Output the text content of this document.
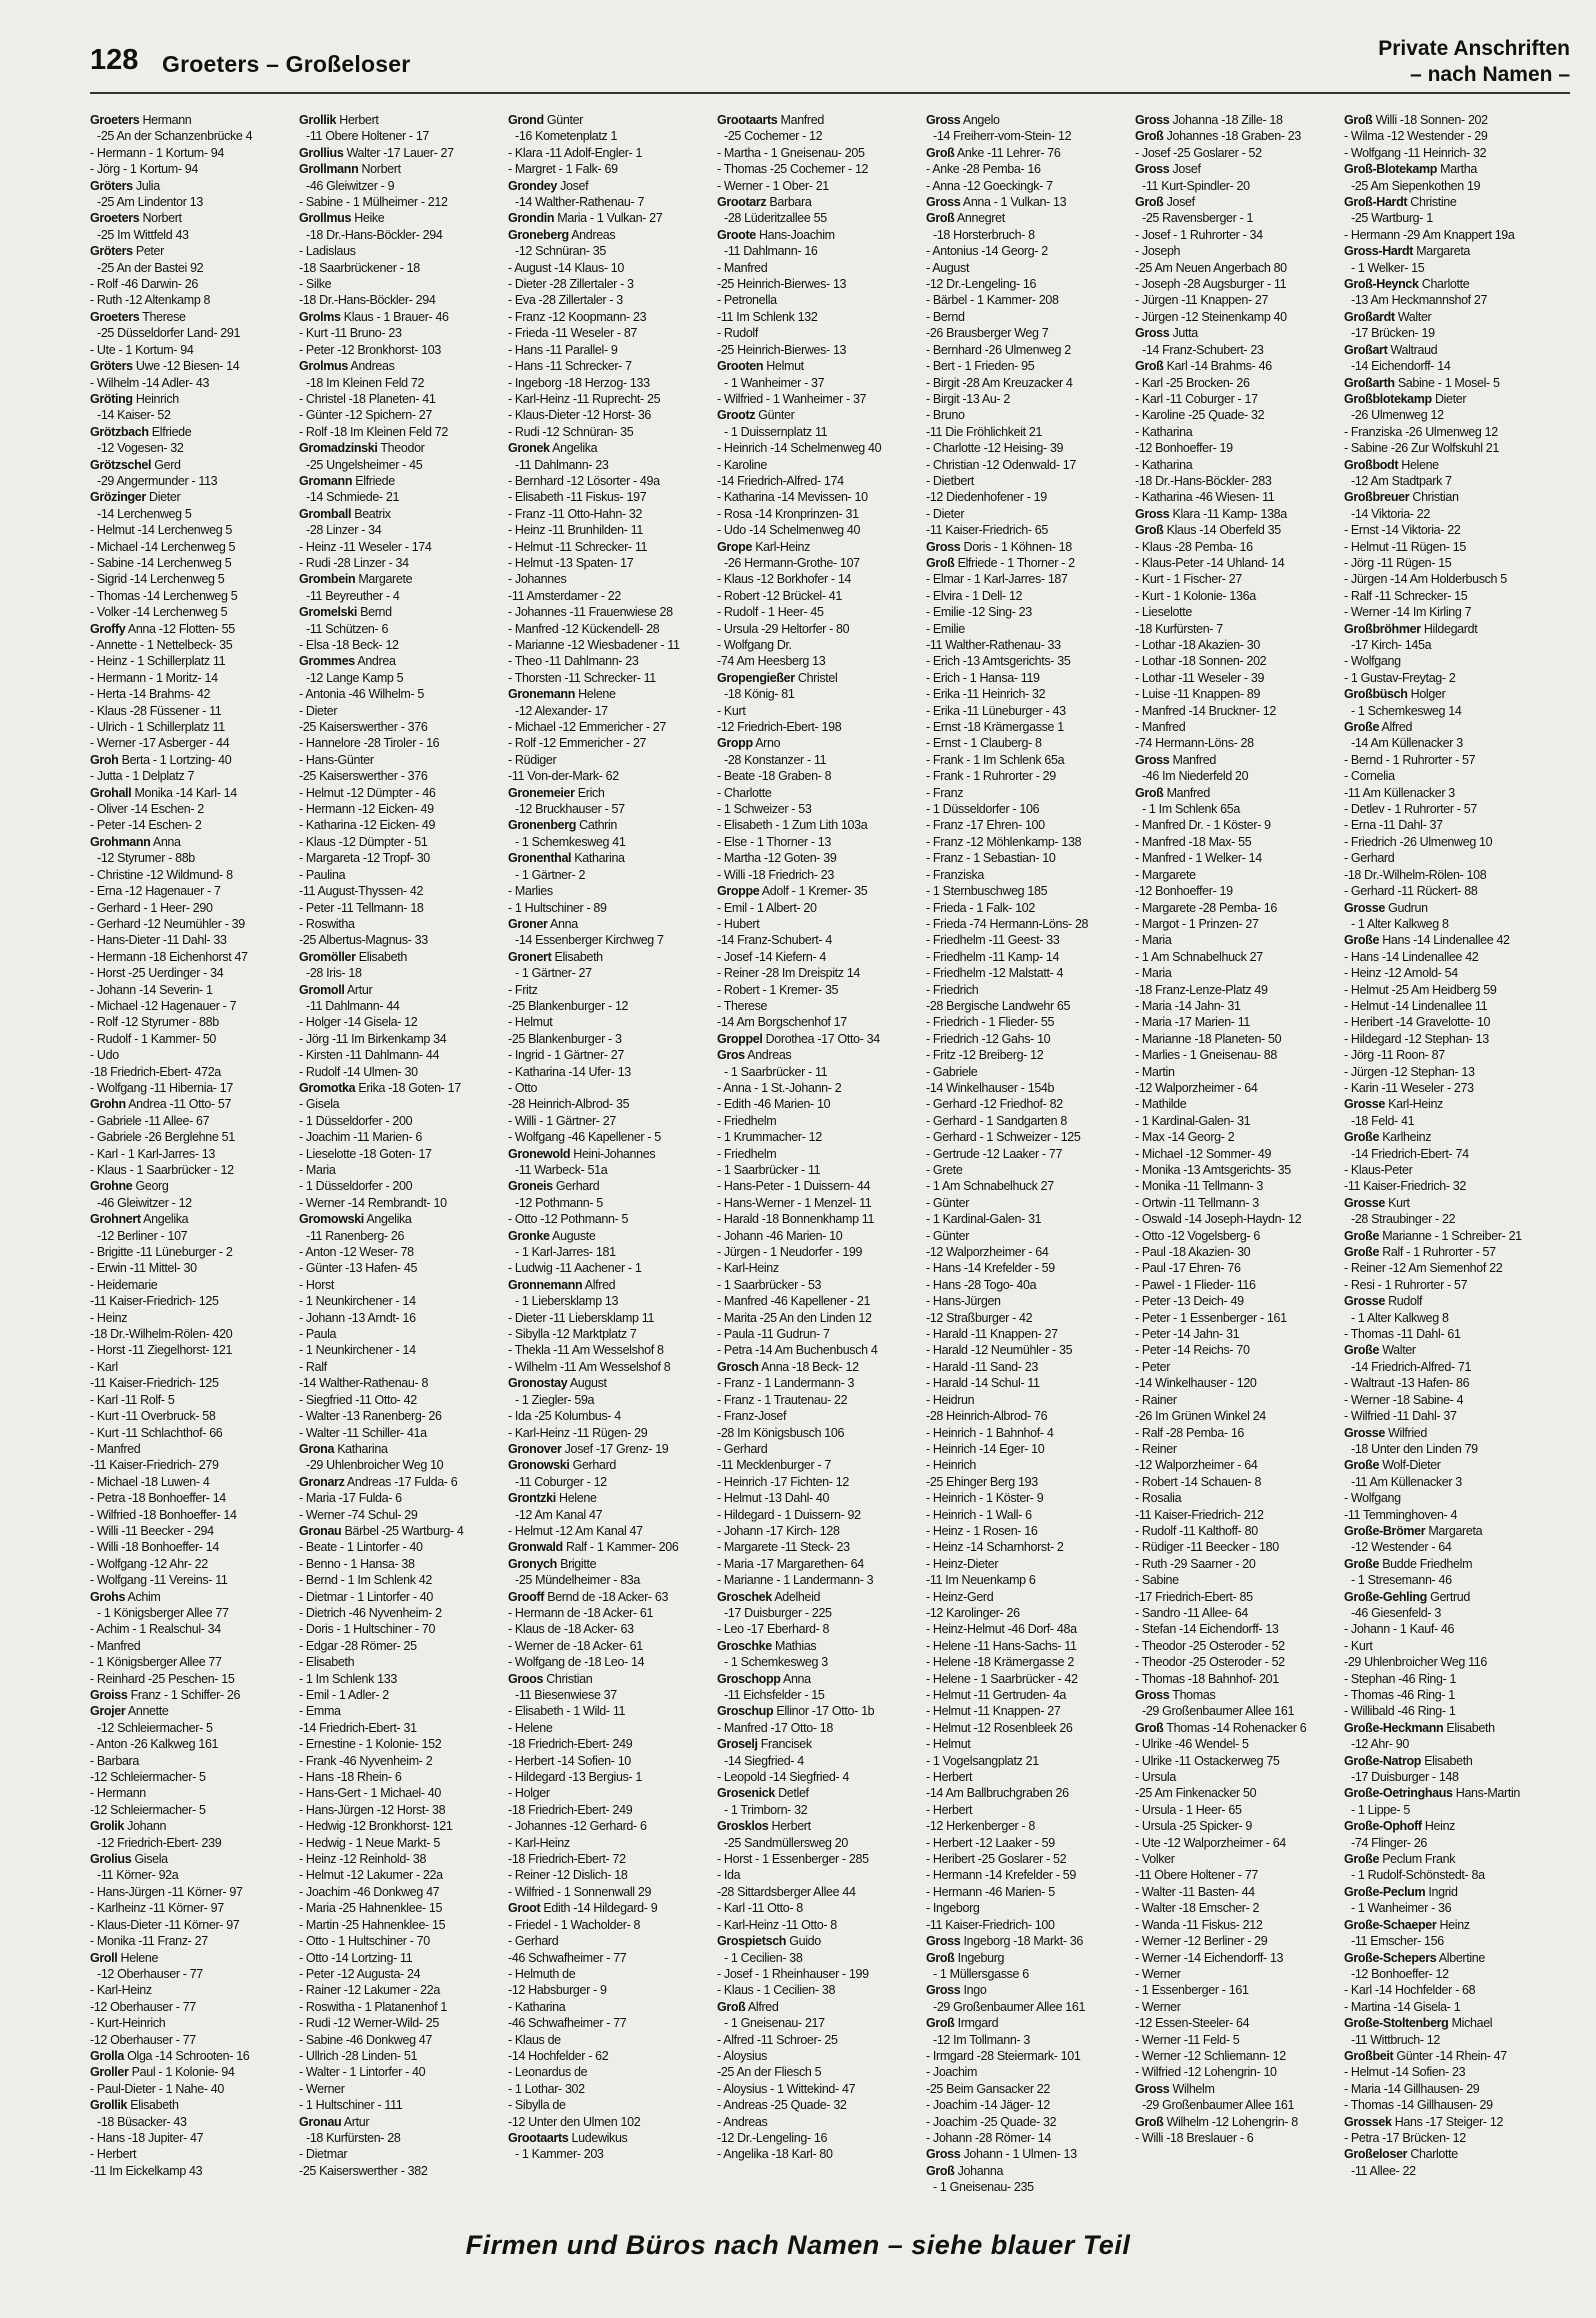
128 Groeters – Großeloser
Private Anschriften
– nach Namen –
Groeters Hermann
-25 An der Schanzenbrücke 4
- Hermann - 1 Kortum- 94
- Jörg - 1 Kortum- 94
Gröters Julia
-25 Am Lindentor 13
Groeters Norbert
-25 Im Wittfeld 43
Gröters Peter
-25 An der Bastei 92
- Rolf -46 Darwin- 26
- Ruth -12 Altenkamp 8
Groeters Therese
-25 Düsseldorfer Land- 291
- Ute - 1 Kortum- 94
Gröters Uwe -12 Biesen- 14
- Wilhelm -14 Adler- 43
Gröting Heinrich
-14 Kaiser- 52
Grötzbach Elfriede
-12 Vogesen- 32
Grötzschel Gerd
-29 Angermunder - 113
Grözinger Dieter
-14 Lerchenweg 5
- Helmut -14 Lerchenweg 5
- Michael -14 Lerchenweg 5
- Sabine -14 Lerchenweg 5
- Sigrid -14 Lerchenweg 5
- Thomas -14 Lerchenweg 5
- Volker -14 Lerchenweg 5
Groffy Anna -12 Flotten- 55
- Annette - 1 Nettelbeck- 35
- Heinz - 1 Schillerplatz 11
- Hermann - 1 Moritz- 14
- Herta -14 Brahms- 42
- Klaus -28 Füssener - 11
- Ulrich - 1 Schillerplatz 11
- Werner -17 Asberger - 44
Groh Berta - 1 Lortzing- 40
- Jutta - 1 Delplatz 7
Grohall Monika -14 Karl- 14
- Oliver -14 Eschen- 2
- Peter -14 Eschen- 2
Grohmann Anna
-12 Styrumer - 88b
- Christine -12 Wildmund- 8
- Erna -12 Hagenauer - 7
- Gerhard - 1 Heer- 290
- Gerhard -12 Neumühler - 39
- Hans-Dieter -11 Dahl- 33
- Hermann -18 Eichenhorst 47
- Horst -25 Uerdinger - 34
- Johann -14 Severin- 1
- Michael -12 Hagenauer - 7
- Rolf -12 Styrumer - 88b
- Rudolf - 1 Kammer- 50
- Udo
-18 Friedrich-Ebert- 472a
- Wolfgang -11 Hibernia- 17
Grohn Andrea -11 Otto- 57
- Gabriele -11 Allee- 67
- Gabriele -26 Berglehne 51
- Karl - 1 Karl-Jarres- 13
- Klaus - 1 Saarbrücker - 12
Grohne Georg
-46 Gleiwitzer - 12
Grohnert Angelika
-12 Berliner - 107
- Brigitte -11 Lüneburger - 2
- Erwin -11 Mittel- 30
- Heidemarie
-11 Kaiser-Friedrich- 125
- Heinz
-18 Dr.-Wilhelm-Rölen- 420
- Horst -11 Ziegelhorst- 121
- Karl
-11 Kaiser-Friedrich- 125
- Karl -11 Rolf- 5
- Kurt -11 Overbruck- 58
- Kurt -11 Schlachthof- 66
- Manfred
-11 Kaiser-Friedrich- 279
- Michael -18 Luwen- 4
- Petra -18 Bonhoeffer- 14
- Wilfried -18 Bonhoeffer- 14
- Willi -11 Beecker - 294
- Willi -18 Bonhoeffer- 14
- Wolfgang -12 Ahr- 22
- Wolfgang -11 Vereins- 11
Grohs Achim
- 1 Königsberger Allee 77
- Achim - 1 Realschul- 34
- Manfred
- 1 Königsberger Allee 77
- Reinhard -25 Peschen- 15
Groiss Franz - 1 Schiffer- 26
Grojer Annette
-12 Schleiermacher- 5
- Anton -26 Kalkweg 161
- Barbara
-12 Schleiermacher- 5
- Hermann
-12 Schleiermacher- 5
Grolik Johann
-12 Friedrich-Ebert- 239
Grolius Gisela
-11 Körner- 92a
- Hans-Jürgen -11 Körner- 97
- Karlheinz -11 Körner- 97
- Klaus-Dieter -11 Körner- 97
- Monika -11 Franz- 27
Groll Helene
-12 Oberhauser - 77
- Karl-Heinz
-12 Oberhauser - 77
- Kurt-Heinrich
-12 Oberhauser - 77
Grolla Olga -14 Schrooten- 16
Groller Paul - 1 Kolonie- 94
- Paul-Dieter - 1 Nahe- 40
Grollik Elisabeth
-18 Büsacker- 43
- Hans -18 Jupiter- 47
- Herbert
-11 Im Eickelkamp 43
Grollik Herbert
-11 Obere Holtener - 17
Grollius Walter -17 Lauer- 27
Grollmann Norbert
-46 Gleiwitzer - 9
- Sabine - 1 Mülheimer - 212
Grollmus Heike
-18 Dr.-Hans-Böckler- 294
- Ladislaus
-18 Saarbrückener - 18
- Silke
-18 Dr.-Hans-Böckler- 294
Grolms Klaus - 1 Brauer- 46
- Kurt -11 Bruno- 23
- Peter -12 Bronkhorst- 103
Grolmus Andreas
-18 Im Kleinen Feld 72
- Christel -18 Planeten- 41
- Günter -12 Spichern- 27
- Rolf -18 Im Kleinen Feld 72
Gromadzinski Theodor
-25 Ungelsheimer - 45
Gromann Elfriede
-14 Schmiede- 21
Gromball Beatrix
-28 Linzer - 34
- Heinz -11 Weseler - 174
- Rudi -28 Linzer - 34
Grombein Margarete
-11 Beyreuther - 4
Gromelski Bernd
-11 Schützen- 6
- Elsa -18 Beck- 12
Grommes Andrea
-12 Lange Kamp 5
- Antonia -46 Wilhelm- 5
- Dieter
-25 Kaiserswerther - 376
- Hannelore -28 Tiroler - 16
- Hans-Günter
-25 Kaiserswerther - 376
- Helmut -12 Dümpter - 46
- Hermann -12 Eicken- 49
- Katharina -12 Eicken- 49
- Klaus -12 Dümpter - 51
- Margareta -12 Tropf- 30
- Paulina
-11 August-Thyssen- 42
- Peter -11 Tellmann- 18
- Roswitha
-25 Albertus-Magnus- 33
Gromöller Elisabeth
-28 Iris- 18
Gromoll Artur
-11 Dahlmann- 44
- Holger -14 Gisela- 12
- Jörg -11 Im Birkenkamp 34
- Kirsten -11 Dahlmann- 44
- Rudolf -14 Ulmen- 30
Gromotka Erika -18 Goten- 17
- Gisela
- 1 Düsseldorfer - 200
- Joachim -11 Marien- 6
- Lieselotte -18 Goten- 17
- Maria
- 1 Düsseldorfer - 200
- Werner -14 Rembrandt- 10
Gromowski Angelika
-11 Ranenberg- 26
- Anton -12 Weser- 78
- Günter -13 Hafen- 45
- Horst
- 1 Neunkirchener - 14
- Johann -13 Arndt- 16
- Paula
- 1 Neunkirchener - 14
- Ralf
-14 Walther-Rathenau- 8
- Siegfried -11 Otto- 42
- Walter -13 Ranenberg- 26
- Walter -11 Schiller- 41a
Grona Katharina
-29 Uhlenbroicher Weg 10
Gronarz Andreas -17 Fulda- 6
- Maria -17 Fulda- 6
- Werner -74 Schul- 29
Gronau Bärbel -25 Wartburg- 4
- Beate - 1 Lintorfer - 40
- Benno - 1 Hansa- 38
- Bernd - 1 Im Schlenk 42
- Dietmar - 1 Lintorfer - 40
- Dietrich -46 Nyvenheim- 2
- Doris - 1 Hultschiner - 70
- Edgar -28 Römer- 25
- Elisabeth
- 1 Im Schlenk 133
- Emil - 1 Adler- 2
- Emma
-14 Friedrich-Ebert- 31
- Ernestine - 1 Kolonie- 152
- Frank -46 Nyvenheim- 2
- Hans -18 Rhein- 6
- Hans-Gert - 1 Michael- 40
- Hans-Jürgen -12 Horst- 38
- Hedwig -12 Bronkhorst- 121
- Hedwig - 1 Neue Markt- 5
- Heinz -12 Reinhold- 38
- Helmut -12 Lakumer - 22a
- Joachim -46 Donkweg 47
- Maria -25 Hahnenklee- 15
- Martin -25 Hahnenklee- 15
- Otto - 1 Hultschiner - 70
- Otto -14 Lortzing- 11
- Peter -12 Augusta- 24
- Rainer -12 Lakumer - 22a
- Roswitha - 1 Platanenhof 1
- Rudi -12 Werner-Wild- 25
- Sabine -46 Donkweg 47
- Ullrich -28 Linden- 51
- Walter - 1 Lintorfer - 40
- Werner
- 1 Hultschiner - 111
Gronau Artur
-18 Kurfürsten- 28
- Dietmar
-25 Kaiserswerther - 382
Grond Günter
-16 Kometenplatz 1
- Klara -11 Adolf-Engler- 1
- Margret - 1 Falk- 69
Grondey Josef
-14 Walther-Rathenau- 7
Grondin Maria - 1 Vulkan- 27
Groneberg Andreas
-12 Schnüran- 35
- August -14 Klaus- 10
- Dieter -28 Zillertaler - 3
- Eva -28 Zillertaler - 3
- Franz -12 Koopmann- 23
- Frieda -11 Weseler - 87
- Hans -11 Parallel- 9
- Hans -11 Schrecker- 7
- Ingeborg -18 Herzog- 133
- Karl-Heinz -11 Ruprecht- 25
- Klaus-Dieter -12 Horst- 36
- Rudi -12 Schnüran- 35
Gronek Angelika
-11 Dahlmann- 23
- Bernhard -12 Lösorter - 49a
- Elisabeth -11 Fiskus- 197
- Franz -11 Otto-Hahn- 32
- Heinz -11 Brunhilden- 11
- Helmut -11 Schrecker- 11
- Helmut -13 Spaten- 17
- Johannes
-11 Amsterdamer - 22
- Johannes -11 Frauenwiese 28
- Manfred -12 Kückendell- 28
- Marianne -12 Wiesbadener - 11
- Theo -11 Dahlmann- 23
- Thorsten -11 Schrecker- 11
Gronemann Helene
-12 Alexander- 17
- Michael -12 Emmericher - 27
- Rolf -12 Emmericher - 27
- Rüdiger
-11 Von-der-Mark- 62
Gronemeier Erich
-12 Bruckhauser - 57
Gronenberg Cathrin
- 1 Schemkesweg 41
Gronenthal Katharina
- 1 Gärtner- 2
- Marlies
- 1 Hultschiner - 89
Groner Anna
-14 Essenberger Kirchweg 7
Gronert Elisabeth
- 1 Gärtner- 27
- Fritz
-25 Blankenburger - 12
- Helmut
-25 Blankenburger - 3
- Ingrid - 1 Gärtner- 27
- Katharina -14 Ufer- 13
- Otto
-28 Heinrich-Albrod- 35
- Willi - 1 Gärtner- 27
- Wolfgang -46 Kapellener - 5
Gronewold Heini-Johannes
-11 Warbeck- 51a
Groneis Gerhard
-12 Pothmann- 5
- Otto -12 Pothmann- 5
Gronke Auguste
- 1 Karl-Jarres- 181
- Ludwig -11 Aachener - 1
Gronnemann Alfred
- 1 Liebersklamp 13
- Dieter -11 Liebersklamp 11
- Sibylla -12 Marktplatz 7
- Thekla -11 Am Wesselshof 8
- Wilhelm -11 Am Wesselshof 8
Gronostay August
- 1 Ziegler- 59a
- Ida -25 Kolumbus- 4
- Karl-Heinz -11 Rügen- 29
Gronover Josef -17 Grenz- 19
Gronowski Gerhard
-11 Coburger - 12
Grontzki Helene
-12 Am Kanal 47
- Helmut -12 Am Kanal 47
Gronwald Ralf - 1 Kammer- 206
Gronych Brigitte
-25 Mündelheimer - 83a
Grooff Bernd de -18 Acker- 63
- Hermann de -18 Acker- 61
- Klaus de -18 Acker- 63
- Werner de -18 Acker- 61
- Wolfgang de -18 Leo- 14
Groos Christian
-11 Biesenwiese 37
- Elisabeth - 1 Wild- 11
- Helene
-18 Friedrich-Ebert- 249
- Herbert -14 Sofien- 10
- Hildegard -13 Bergius- 1
- Holger
-18 Friedrich-Ebert- 249
- Johannes -12 Gerhard- 6
- Karl-Heinz
-18 Friedrich-Ebert- 72
- Reiner -12 Dislich- 18
- Wilfried - 1 Sonnenwall 29
Groot Edith -14 Hildegard- 9
- Friedel - 1 Wacholder- 8
- Gerhard
-46 Schwafheimer - 77
- Helmuth de
-12 Habsburger - 9
- Katharina
-46 Schwafheimer - 77
- Klaus de
-14 Hochfelder - 62
- Leonardus de
- 1 Lothar- 302
- Sibylla de
-12 Unter den Ulmen 102
Grootaarts Ludewikus
- 1 Kammer- 203
Grootaarts Manfred
-25 Cochemer - 12
- Martha - 1 Gneisenau- 205
- Thomas -25 Cochemer - 12
- Werner - 1 Ober- 21
Grootarz Barbara
-28 Lüderitzallee 55
Groote Hans-Joachim
-11 Dahlmann- 16
- Manfred
-25 Heinrich-Bierwes- 13
- Petronella
-11 Im Schlenk 132
- Rudolf
-25 Heinrich-Bierwes- 13
Grooten Helmut
- 1 Wanheimer - 37
- Wilfried - 1 Wanheimer - 37
Grootz Günter
- 1 Duissernplatz 11
- Heinrich -14 Schelmenweg 40
- Karoline
-14 Friedrich-Alfred- 174
- Katharina -14 Mevissen- 10
- Rosa -14 Kronprinzen- 31
- Udo -14 Schelmenweg 40
Grope Karl-Heinz
-26 Hermann-Grothe- 107
- Klaus -12 Borkhofer - 14
- Robert -12 Brückel- 41
- Rudolf - 1 Heer- 45
- Ursula -29 Heltorfer - 80
- Wolfgang Dr.
-74 Am Heesberg 13
Gropengießer Christel
-18 König- 81
- Kurt
-12 Friedrich-Ebert- 198
Gropp Arno
-28 Konstanzer - 11
- Beate -18 Graben- 8
- Charlotte
- 1 Schweizer - 53
- Elisabeth - 1 Zum Lith 103a
- Else - 1 Thorner - 13
- Martha -12 Goten- 39
- Willi -18 Friedrich- 23
Groppe Adolf - 1 Kremer- 35
- Emil - 1 Albert- 20
- Hubert
-14 Franz-Schubert- 4
- Josef -14 Kiefern- 4
- Reiner -28 Im Dreispitz 14
- Robert - 1 Kremer- 35
- Therese
-14 Am Borgschenhof 17
Groppel Dorothea -17 Otto- 34
Gros Andreas
- 1 Saarbrücker - 11
- Anna - 1 St.-Johann- 2
- Edith -46 Marien- 10
- Friedhelm
- 1 Krummacher- 12
- Friedhelm
- 1 Saarbrücker - 11
- Hans-Peter - 1 Duissern- 44
- Hans-Werner - 1 Menzel- 11
- Harald -18 Bonnenkhamp 11
- Johann -46 Marien- 10
- Jürgen - 1 Neudorfer - 199
- Karl-Heinz
- 1 Saarbrücker - 53
- Manfred -46 Kapellener - 21
- Marita -25 An den Linden 12
- Paula -11 Gudrun- 7
- Petra -14 Am Buchenbusch 4
Grosch Anna -18 Beck- 12
- Franz - 1 Landermann- 3
- Franz - 1 Trautenau- 22
- Franz-Josef
-28 Im Königsbusch 106
- Gerhard
-11 Mecklenburger - 7
- Heinrich -17 Fichten- 12
- Helmut -13 Dahl- 40
- Hildegard - 1 Duissern- 92
- Johann -17 Kirch- 128
- Margarete -11 Steck- 23
- Maria -17 Margarethen- 64
- Marianne - 1 Landermann- 3
Groschek Adelheid
-17 Duisburger - 225
- Leo -17 Eberhard- 8
Groschke Mathias
- 1 Schemkesweg 3
Groschopp Anna
-11 Eichsfelder - 15
Groschup Ellinor -17 Otto- 1b
- Manfred -17 Otto- 18
Groselj Francisek
-14 Siegfried- 4
- Leopold -14 Siegfried- 4
Grosenick Detlef
- 1 Trimborn- 32
Grosklos Herbert
-25 Sandmüllersweg 20
- Horst - 1 Essenberger - 285
- Ida
-28 Sittardsberger Allee 44
- Karl -11 Otto- 8
- Karl-Heinz -11 Otto- 8
Grospietsch Guido
- 1 Cecilien- 38
- Josef - 1 Rheinhauser - 199
- Klaus - 1 Cecilien- 38
Groß Alfred
- 1 Gneisenau- 217
- Alfred -11 Schroer- 25
- Aloysius
-25 An der Fliesch 5
- Aloysius - 1 Wittekind- 47
- Andreas -25 Quade- 32
- Andreas
-12 Dr.-Lengeling- 16
- Angelika -18 Karl- 80
Gross Angelo
-14 Freiherr-vom-Stein- 12
Groß Anke -11 Lehrer- 76
- Anke -28 Pemba- 16
- Anna -12 Goeckingk- 7
Gross Anna - 1 Vulkan- 13
Groß Annegret
-18 Horsterbruch- 8
- Antonius -14 Georg- 2
- August
-12 Dr.-Lengeling- 16
- Bärbel - 1 Kammer- 208
- Bernd
-26 Brausberger Weg 7
- Bernhard -26 Ulmenweg 2
- Bert - 1 Frieden- 95
- Birgit -28 Am Kreuzacker 4
- Birgit -13 Au- 2
- Bruno
-11 Die Fröhlichkeit 21
- Charlotte -12 Heising- 39
- Christian -12 Odenwald- 17
- Dietbert
-12 Diedenhofener - 19
- Dieter
-11 Kaiser-Friedrich- 65
Gross Doris - 1 Köhnen- 18
Groß Elfriede - 1 Thorner - 2
- Elmar - 1 Karl-Jarres- 187
- Elvira - 1 Dell- 12
- Emilie -12 Sing- 23
- Emilie
-11 Walther-Rathenau- 33
- Erich -13 Amtsgerichts- 35
- Erich - 1 Hansa- 119
- Erika -11 Heinrich- 32
- Erika -11 Lüneburger - 43
- Ernst -18 Krämergasse 1
- Ernst - 1 Clauberg- 8
- Frank - 1 Im Schlenk 65a
- Frank - 1 Ruhrorter - 29
- Franz
- 1 Düsseldorfer - 106
- Franz -17 Ehren- 100
- Franz -12 Möhlenkamp- 138
- Franz - 1 Sebastian- 10
- Franziska
- 1 Sternbuschweg 185
- Frieda - 1 Falk- 102
- Frieda -74 Hermann-Löns- 28
- Friedhelm -11 Geest- 33
- Friedhelm -11 Kamp- 14
- Friedhelm -12 Malstatt- 4
- Friedrich
-28 Bergische Landwehr 65
- Friedrich - 1 Flieder- 55
- Friedrich -12 Gahs- 10
- Fritz -12 Breiberg- 12
- Gabriele
-14 Winkelhauser - 154b
- Gerhard -12 Friedhof- 82
- Gerhard - 1 Sandgarten 8
- Gerhard - 1 Schweizer - 125
- Gertrude -12 Laaker - 77
- Grete
- 1 Am Schnabelhuck 27
- Günter
- 1 Kardinal-Galen- 31
- Günter
-12 Walporzheimer - 64
- Hans -14 Krefelder - 59
- Hans -28 Togo- 40a
- Hans-Jürgen
-12 Straßburger - 42
- Harald -11 Knappen- 27
- Harald -12 Neumühler - 35
- Harald -11 Sand- 23
- Harald -14 Schul- 11
- Heidrun
-28 Heinrich-Albrod- 76
- Heinrich - 1 Bahnhof- 4
- Heinrich -14 Eger- 10
- Heinrich
-25 Ehinger Berg 193
- Heinrich - 1 Köster- 9
- Heinrich - 1 Wall- 6
- Heinz - 1 Rosen- 16
- Heinz -14 Scharnhorst- 2
- Heinz-Dieter
-11 Im Neuenkamp 6
- Heinz-Gerd
-12 Karolinger- 26
- Heinz-Helmut -46 Dorf- 48a
- Helene -11 Hans-Sachs- 11
- Helene -18 Krämergasse 2
- Helene - 1 Saarbrücker - 42
- Helmut -11 Gertruden- 4a
- Helmut -11 Knappen- 27
- Helmut -12 Rosenbleek 26
- Helmut
- 1 Vogelsangplatz 21
- Herbert
-14 Am Ballbruchgraben 26
- Herbert
-12 Herkenberger - 8
- Herbert -12 Laaker - 59
- Heribert -25 Goslarer - 52
- Hermann -14 Krefelder - 59
- Hermann -46 Marien- 5
- Ingeborg
-11 Kaiser-Friedrich- 100
Gross Ingeborg -18 Markt- 36
Groß Ingeburg
- 1 Müllersgasse 6
Gross Ingo
-29 Großenbaumer Allee 161
Groß Irmgard
-12 Im Tollmann- 3
- Irmgard -28 Steiermark- 101
- Joachim
-25 Beim Gansacker 22
- Joachim -14 Jäger- 12
- Joachim -25 Quade- 32
- Johann -28 Römer- 14
Gross Johann - 1 Ulmen- 13
Groß Johanna
- 1 Gneisenau- 235
Gross Johanna -18 Zille- 18
Groß Johannes -18 Graben- 23
- Josef -25 Goslarer - 52
Gross Josef
-11 Kurt-Spindler- 20
Groß Josef
-25 Ravensberger - 1
- Josef - 1 Ruhrorter - 34
- Joseph
-25 Am Neuen Angerbach 80
- Joseph -28 Augsburger - 11
- Jürgen -11 Knappen- 27
- Jürgen -12 Steinenkamp 40
Gross Jutta
-14 Franz-Schubert- 23
Groß Karl -14 Brahms- 46
- Karl -25 Brocken- 26
- Karl -11 Coburger - 17
- Karoline -25 Quade- 32
- Katharina
-12 Bonhoeffer- 19
- Katharina
-18 Dr.-Hans-Böckler- 283
- Katharina -46 Wiesen- 11
Gross Klara -11 Kamp- 138a
Groß Klaus -14 Oberfeld 35
- Klaus -28 Pemba- 16
- Klaus-Peter -14 Uhland- 14
- Kurt - 1 Fischer- 27
- Kurt - 1 Kolonie- 136a
- Lieselotte
-18 Kurfürsten- 7
- Lothar -18 Akazien- 30
- Lothar -18 Sonnen- 202
- Lothar -11 Weseler - 39
- Luise -11 Knappen- 89
- Manfred -14 Bruckner- 12
- Manfred
-74 Hermann-Löns- 28
Gross Manfred
-46 Im Niederfeld 20
Groß Manfred
- 1 Im Schlenk 65a
- Manfred Dr. - 1 Köster- 9
- Manfred -18 Max- 55
- Manfred - 1 Welker- 14
- Margarete
-12 Bonhoeffer- 19
- Margarete -28 Pemba- 16
- Margot - 1 Prinzen- 27
- Maria
- 1 Am Schnabelhuck 27
- Maria
-18 Franz-Lenze-Platz 49
- Maria -14 Jahn- 31
- Maria -17 Marien- 11
- Marianne -18 Planeten- 50
- Marlies - 1 Gneisenau- 88
- Martin
-12 Walporzheimer - 64
- Mathilde
- 1 Kardinal-Galen- 31
- Max -14 Georg- 2
- Michael -12 Sommer- 49
- Monika -13 Amtsgerichts- 35
- Monika -11 Tellmann- 3
- Ortwin -11 Tellmann- 3
- Oswald -14 Joseph-Haydn- 12
- Otto -12 Vogelsberg- 6
- Paul -18 Akazien- 30
- Paul -17 Ehren- 76
- Pawel - 1 Flieder- 116
- Peter -13 Deich- 49
- Peter - 1 Essenberger - 161
- Peter -14 Jahn- 31
- Peter -14 Reichs- 70
- Peter
-14 Winkelhauser - 120
- Rainer
-26 Im Grünen Winkel 24
- Ralf -28 Pemba- 16
- Reiner
-12 Walporzheimer - 64
- Robert -14 Schauen- 8
- Rosalia
-11 Kaiser-Friedrich- 212
- Rudolf -11 Kalthoff- 80
- Rüdiger -11 Beecker - 180
- Ruth -29 Saarner - 20
- Sabine
-17 Friedrich-Ebert- 85
- Sandro -11 Allee- 64
- Stefan -14 Eichendorff- 13
- Theodor -25 Osteroder - 52
- Theodor -25 Osteroder - 52
- Thomas -18 Bahnhof- 201
Gross Thomas
-29 Großenbaumer Allee 161
Groß Thomas -14 Rohenacker 6
- Ulrike -46 Wendel- 5
- Ulrike -11 Ostackerweg 75
- Ursula
-25 Am Finkenacker 50
- Ursula - 1 Heer- 65
- Ursula -25 Spicker- 9
- Ute -12 Walporzheimer - 64
- Volker
-11 Obere Holtener - 77
- Walter -11 Basten- 44
- Walter -18 Emscher- 2
- Wanda -11 Fiskus- 212
- Werner -12 Berliner - 29
- Werner -14 Eichendorff- 13
- Werner
- 1 Essenberger - 161
- Werner
-12 Essen-Steeler- 64
- Werner -11 Feld- 5
- Werner -12 Schliemann- 12
- Wilfried -12 Lohengrin- 10
Gross Wilhelm
-29 Großenbaumer Allee 161
Groß Wilhelm -12 Lohengrin- 8
- Willi -18 Breslauer - 6
Groß Willi -18 Sonnen- 202
- Wilma -12 Westender - 29
- Wolfgang -11 Heinrich- 32
Groß-Blotekamp Martha
-25 Am Siepenkothen 19
Groß-Hardt Christine
-25 Wartburg- 1
- Hermann -29 Am Knappert 19a
Gross-Hardt Margareta
- 1 Welker- 15
Groß-Heynck Charlotte
-13 Am Heckmannshof 27
Großardt Walter
-17 Brücken- 19
Großart Waltraud
-14 Eichendorff- 14
Großarth Sabine - 1 Mosel- 5
Großblotekamp Dieter
-26 Ulmenweg 12
- Franziska -26 Ulmenweg 12
- Sabine -26 Zur Wolfskuhl 21
Großbodt Helene
-12 Am Stadtpark 7
Großbreuer Christian
-14 Viktoria- 22
- Ernst -14 Viktoria- 22
- Helmut -11 Rügen- 15
- Jörg -11 Rügen- 15
- Jürgen -14 Am Holderbusch 5
- Ralf -11 Schrecker- 15
- Werner -14 Im Kirling 7
Großbröhmer Hildegardt
-17 Kirch- 145a
- Wolfgang
- 1 Gustav-Freytag- 2
Großbüsch Holger
- 1 Schemkesweg 14
Große Alfred
-14 Am Küllenacker 3
- Bernd - 1 Ruhrorter - 57
- Cornelia
-11 Am Küllenacker 3
- Detlev - 1 Ruhrorter - 57
- Erna -11 Dahl- 37
- Friedrich -26 Ulmenweg 10
- Gerhard
-18 Dr.-Wilhelm-Rölen- 108
- Gerhard -11 Rückert- 88
Grosse Gudrun
- 1 Alter Kalkweg 8
Große Hans -14 Lindenallee 42
- Hans -14 Lindenallee 42
- Heinz -12 Arnold- 54
- Helmut -25 Am Heidberg 59
- Helmut -14 Lindenallee 11
- Heribert -14 Gravelotte- 10
- Hildegard -12 Stephan- 13
- Jörg -11 Roon- 87
- Jürgen -12 Stephan- 13
- Karin -11 Weseler - 273
Grosse Karl-Heinz
-18 Feld- 41
Große Karlheinz
-14 Friedrich-Ebert- 74
- Klaus-Peter
-11 Kaiser-Friedrich- 32
Grosse Kurt
-28 Straubinger - 22
Große Marianne - 1 Schreiber- 21
Große Ralf - 1 Ruhrorter - 57
- Reiner -12 Am Siemenhof 22
- Resi - 1 Ruhrorter - 57
Grosse Rudolf
- 1 Alter Kalkweg 8
- Thomas -11 Dahl- 61
Große Walter
-14 Friedrich-Alfred- 71
- Waltraut -13 Hafen- 86
- Werner -18 Sabine- 4
- Wilfried -11 Dahl- 37
Grosse Wilfried
-18 Unter den Linden 79
Große Wolf-Dieter
-11 Am Küllenacker 3
- Wolfgang
-11 Temminghoven- 4
Große-Brömer Margareta
-12 Westender - 64
Große Budde Friedhelm
- 1 Stresemann- 46
Große-Gehling Gertrud
-46 Giesenfeld- 3
- Johann - 1 Kauf- 46
- Kurt
-29 Uhlenbroicher Weg 116
- Stephan -46 Ring- 1
- Thomas -46 Ring- 1
- Willibald -46 Ring- 1
Große-Heckmann Elisabeth
-12 Ahr- 90
Große-Natrop Elisabeth
-17 Duisburger - 148
Große-Oetringhaus Hans-Martin
- 1 Lippe- 5
Große-Ophoff Heinz
-74 Flinger- 26
Große Peclum Frank
- 1 Rudolf-Schönstedt- 8a
Große-Peclum Ingrid
- 1 Wanheimer - 36
Große-Schaeper Heinz
-11 Emscher- 156
Große-Schepers Albertine
-12 Bonhoeffer- 12
- Karl -14 Hochfelder - 68
- Martina -14 Gisela- 1
Große-Stoltenberg Michael
-11 Wittbruch- 12
Großbeit Günter -14 Rhein- 47
- Helmut -14 Sofien- 23
- Maria -14 Gillhausen- 29
- Thomas -14 Gillhausen- 29
Grossek Hans -17 Steiger- 12
- Petra -17 Brücken- 12
Großeloser Charlotte
-11 Allee- 22
Firmen und Büros nach Namen – siehe blauer Teil
